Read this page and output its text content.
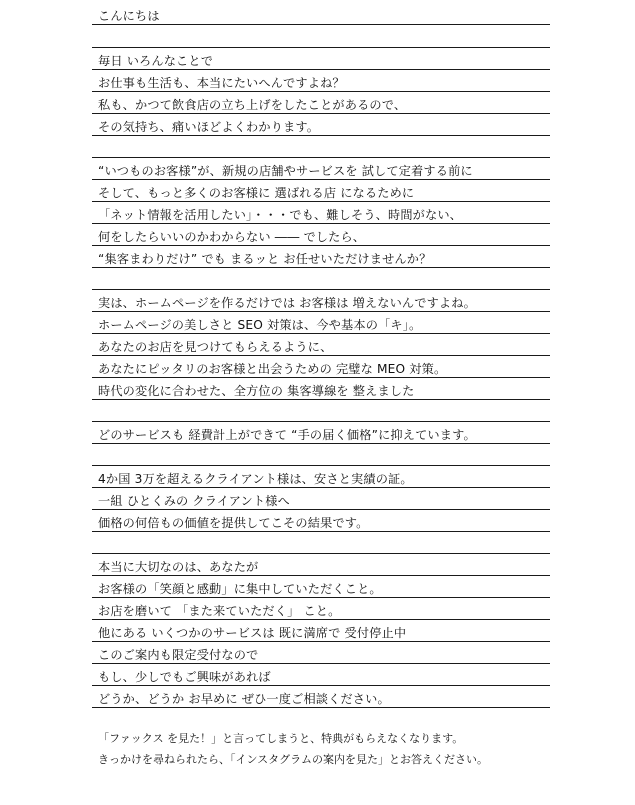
こんにちは
毎日 いろんなことで
お仕事も生活も、本当にたいへんですよね？
私も、かつて飲食店の立ち上げをしたことがあるので、
その気持ち、痛いほどよくわかります。
“いつものお客様”が、新規の店舗やサービスを 試して定着する前に
そして、もっと多くのお客様に 選ばれる店 になるために
「ネット情報を活用したい」・・・でも、難しそう、時間がない、
何をしたらいいのかわからない ―― でしたら、
“集客まわりだけ” でも まるッと お任せいただけませんか？
実は、ホームページを作るだけでは お客様は 増えないんですよね。
ホームページの美しさと SEO 対策は、今や基本の「キ」。
あなたのお店を見つけてもらえるように、
あなたにピッタリのお客様と出会うための 完璧な MEO 対策。
時代の変化に合わせた、全方位の 集客導線を 整えました
どのサービスも 経費計上ができて “手の届く価格”に抑えています。
4か国 3万を超えるクライアント様は、安さと実績の証。
一組 ひとくみの クライアント様へ
価格の何倍もの価値を提供してこその結果です。
本当に大切なのは、あなたが
お客様の「笑顔と感動」に集中していただくこと。
お店を磨いて 「また来ていただく」 こと。
他にある いくつかのサービスは 既に満席で 受付停止中
このご案内も限定受付なので
もし、少しでもご興味があれば
どうか、どうか お早めに ぜひ一度ご相談ください。
「ファックス を見た！」と言ってしまうと、特典がもらえなくなります。
きっかけを尋ねられたら、「インスタグラムの案内を見た」とお答えください。
